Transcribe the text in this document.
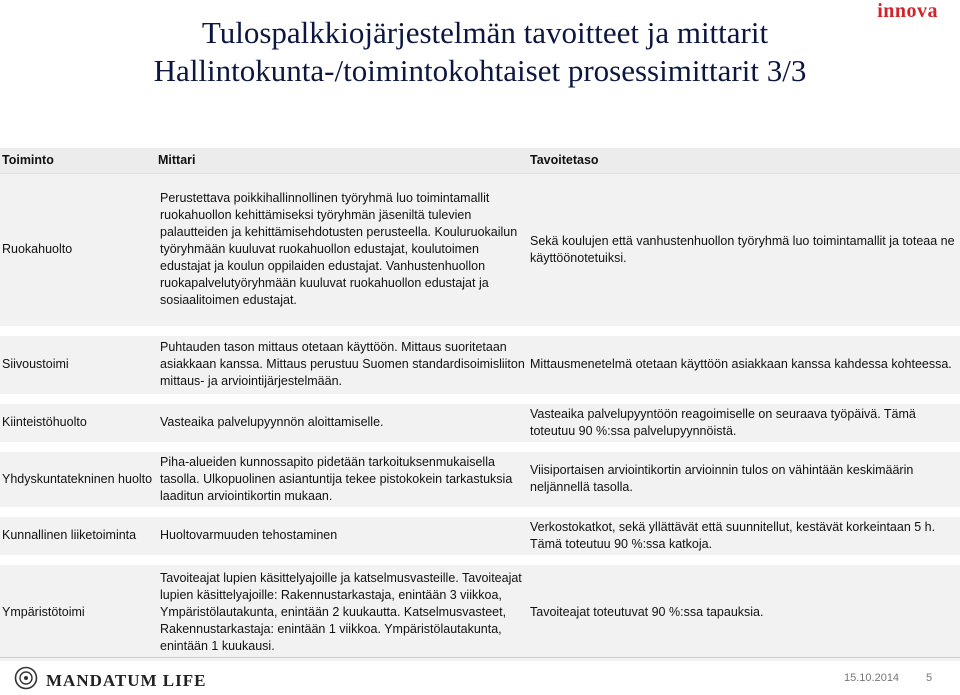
innova
Tulospalkkiojärjestelmän tavoitteet ja mittarit
Hallintokunta-/toimintokohtaiset prosessimittarit 3/3
Toiminto	Mittari	Tavoitetaso
Ruokahuolto	Perustettava poikkihallinnollinen työryhmä luo toimintamallit ruokahuollon kehittämiseksi työryhmän jäseniltä tulevien palautteiden ja kehittämisehdotusten perusteella. Kouluruokailun työryhmään kuuluvat ruokahuollon edustajat, koulutoimen edustajat ja koulun oppilaiden edustajat. Vanhustenhuollon ruokapalvelutyöryhmään kuuluvat ruokahuollon edustajat ja sosiaalitoimen edustajat.	Sekä koulujen että vanhustenhuollon työryhmä luo toimintamallit ja toteaa ne käyttöönotetuiksi.

Siivoustoimi	Puhtauden tason mittaus otetaan käyttöön. Mittaus suoritetaan asiakkaan kanssa. Mittaus perustuu Suomen standardisoimisliiton mittaus- ja arviointijärjestelmään.	Mittausmenetelmä otetaan käyttöön asiakkaan kanssa kahdessa kohteessa.

Kiinteistöhuolto	Vasteaika palvelupyynnön aloittamiselle.	Vasteaika palvelupyyntöön reagoimiselle on seuraava työpäivä. Tämä toteutuu 90 %:ssa palvelupyynnöistä.

Yhdyskuntatekninen huolto	Piha-alueiden kunnossapito pidetään tarkoituksenmukaisella tasolla. Ulkopuolinen asiantuntija tekee pistokokein tarkastuksia laaditun arviointikortin mukaan.	Viisiportaisen arviointikortin arvioinnin tulos on vähintään keskimäärin neljännellä tasolla.

Kunnallinen liiketoiminta	Huoltovarmuuden tehostaminen	Verkostokatkot, sekä yllättävät että suunnitellut, kestävät korkeintaan 5 h. Tämä toteutuu 90 %:ssa katkoja.

Ympäristötoimi	Tavoiteajat lupien käsittelyajoille ja katselmusvasteille. Tavoiteajat lupien käsittelyajoille: Rakennustarkastaja, enintään 3 viikkoa, Ympäristölautakunta, enintään 2 kuukautta. Katselmusvasteet, Rakennustarkastaja: enintään 1 viikkoa. Ympäristölautakunta, enintään 1 kuukausi.	Tavoiteajat toteutuvat 90 %:ssa tapauksia.
MANDATUM LIFE	15.10.2014 5
